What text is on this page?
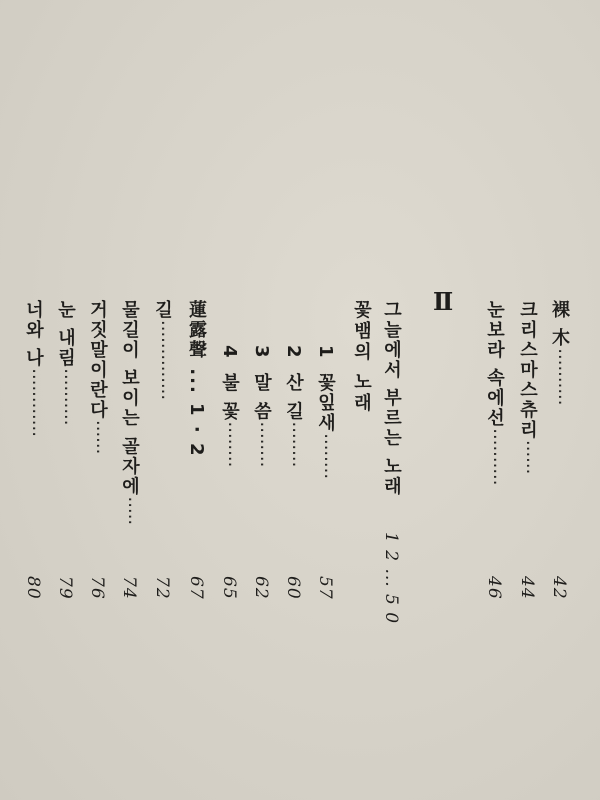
裸 木··········
42
크리스마스츄리······
44
눈보라 속에선··········
46
Ⅱ
그늘에서 부르는 노래
1 2 ... 5 0
꽃뱀의 노래
1 꽃잎새········
57
2 산 길········
60
3 말 씀········
62
4 불 꽃········
65
蓮露聲 ... 1 · 2
67
길··············
72
물길이 보이는 골자에·····
74
거짓말이란다······
76
눈 내림··········
79
너와 나············
80
